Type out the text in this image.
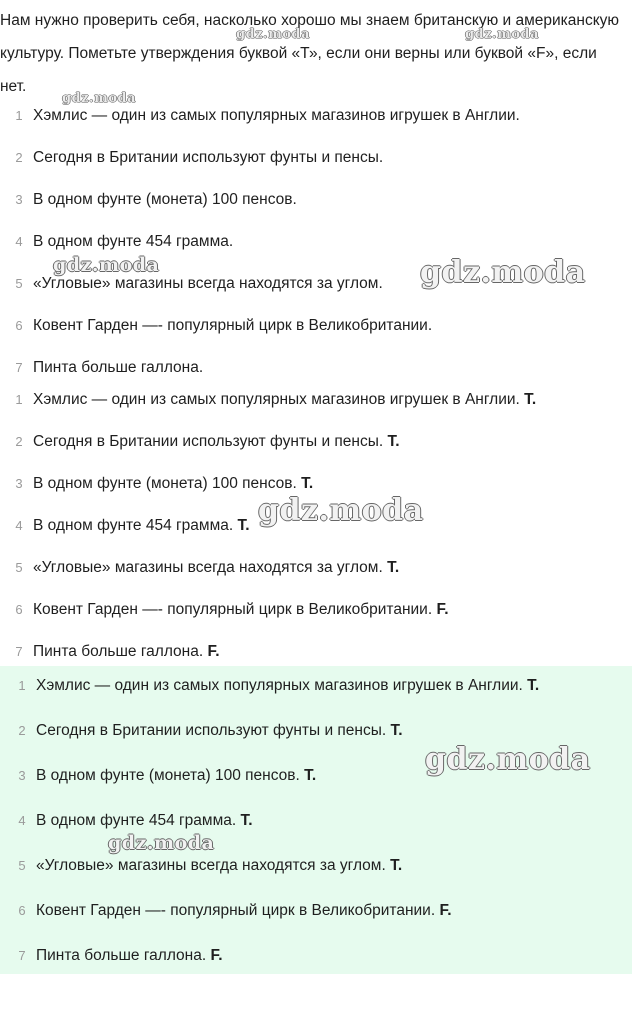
Нам нужно проверить себя, насколько хорошо мы знаем британскую и американскую культуру. Пометьте утверждения буквой «Т», если они верны или буквой «F», если нет.
1 Хэмлис — один из самых популярных магазинов игрушек в Англии.
2 Сегодня в Британии используют фунты и пенсы.
3 В одном фунте (монета) 100 пенсов.
4 В одном фунте 454 грамма.
5 «Угловые» магазины всегда находятся за углом.
6 Ковент Гарден —- популярный цирк в Великобритании.
7 Пинта больше галлона.
1 Хэмлис — один из самых популярных магазинов игрушек в Англии. T.
2 Сегодня в Британии используют фунты и пенсы. T.
3 В одном фунте (монета) 100 пенсов. T.
4 В одном фунте 454 грамма. T.
5 «Угловые» магазины всегда находятся за углом. T.
6 Ковент Гарден —- популярный цирк в Великобритании. F.
7 Пинта больше галлона. F.
1 Хэмлис — один из самых популярных магазинов игрушек в Англии. T.
2 Сегодня в Британии используют фунты и пенсы. T.
3 В одном фунте (монета) 100 пенсов. T.
4 В одном фунте 454 грамма. T.
5 «Угловые» магазины всегда находятся за углом. T.
6 Ковент Гарден —- популярный цирк в Великобритании. F.
7 Пинта больше галлона. F.
gdz.moda	gdz.moda
gdz.moda
gdz.moda	gdz.moda
gdz.moda
gdz.moda
gdz.moda
